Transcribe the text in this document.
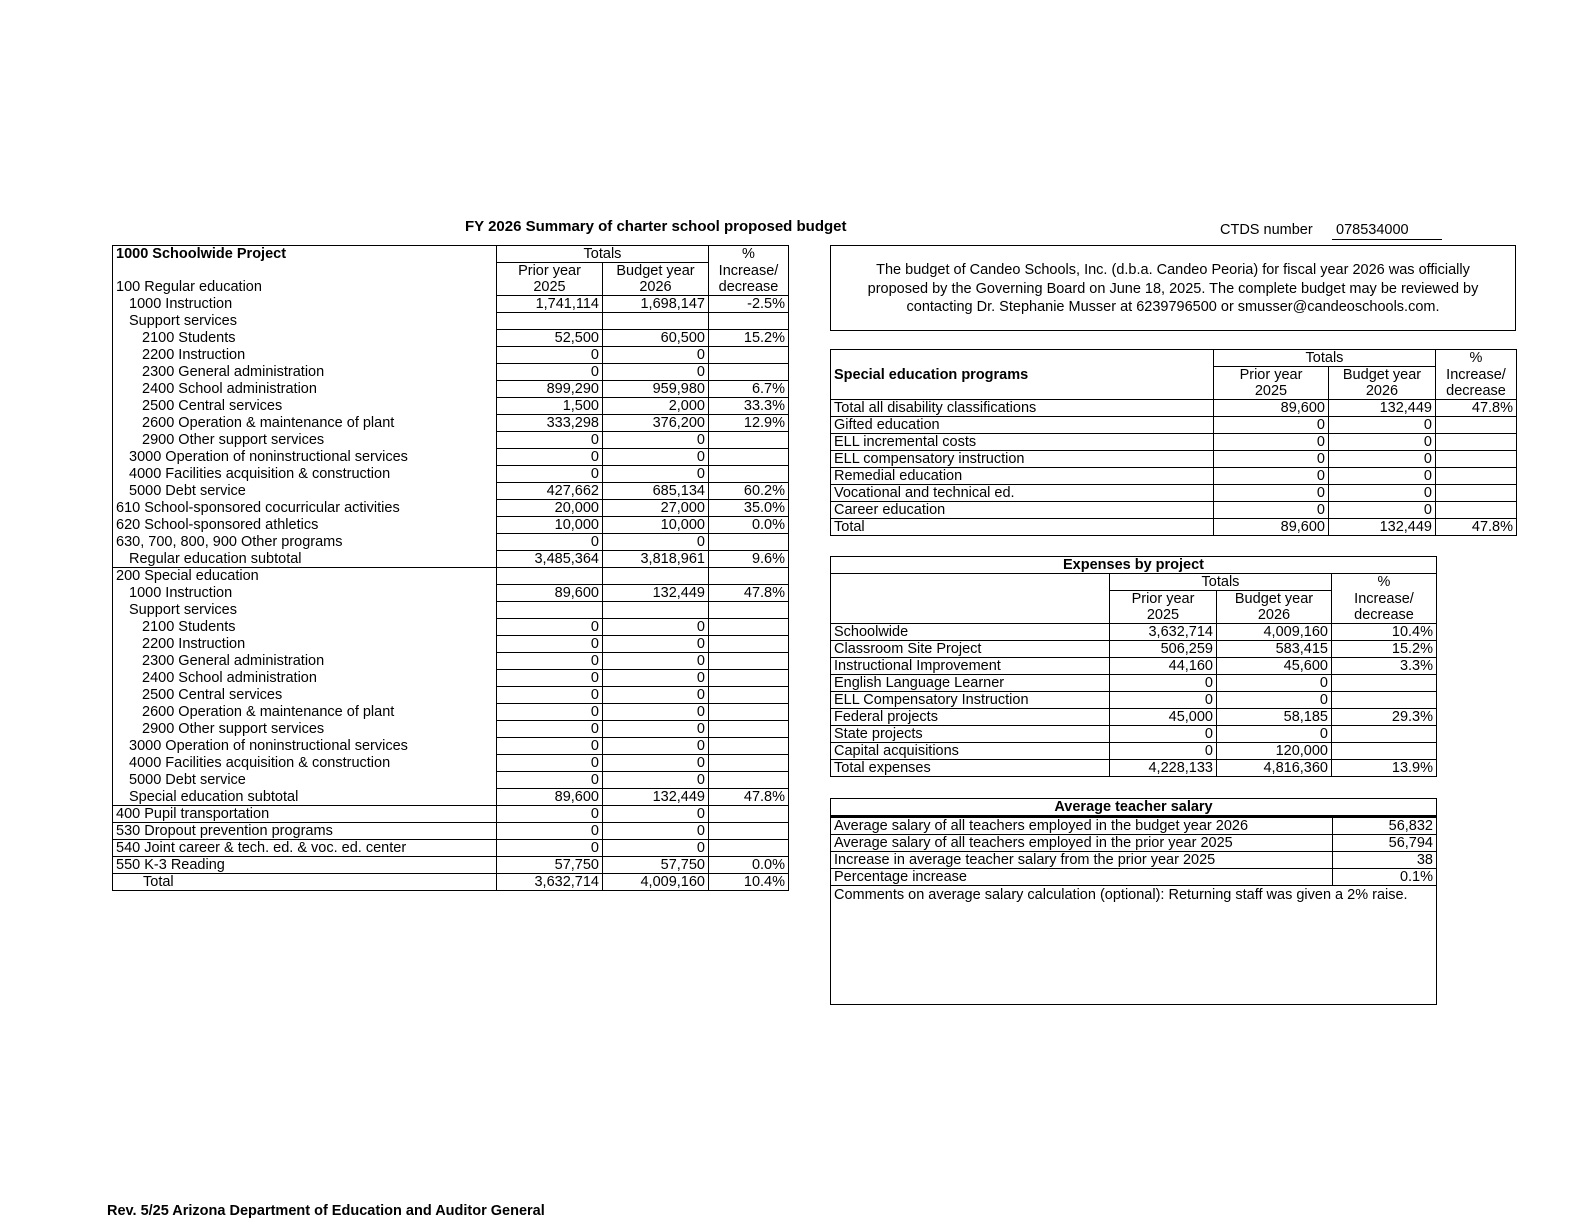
FY 2026 Summary of charter school proposed budget	CTDS number 078534000
1000 Schoolwide Project	Totals		%
	Prior year	Budget year	Increase/
100 Regular education	2025	2026	decrease
1000 Instruction	1,741,114	1,698,147	-2.5%
Support services			
2100 Students	52,500	60,500	15.2%
2200 Instruction	0	0	
2300 General administration	0	0	
2400 School administration	899,290	959,980	6.7%
2500 Central services	1,500	2,000	33.3%
2600 Operation & maintenance of plant	333,298	376,200	12.9%
2900 Other support services	0	0	
3000 Operation of noninstructional services	0	0	
4000 Facilities acquisition & construction	0	0	
5000 Debt service	427,662	685,134	60.2%
610 School-sponsored cocurricular activities	20,000	27,000	35.0%
620 School-sponsored athletics	10,000	10,000	0.0%
630, 700, 800, 900 Other programs	0	0	
Regular education subtotal	3,485,364	3,818,961	9.6%
200 Special education			
1000 Instruction	89,600	132,449	47.8%
Support services			
2100 Students	0	0	
2200 Instruction	0	0	
2300 General administration	0	0	
2400 School administration	0	0	
2500 Central services	0	0	
2600 Operation & maintenance of plant	0	0	
2900 Other support services	0	0	
3000 Operation of noninstructional services	0	0	
4000 Facilities acquisition & construction	0	0	
5000 Debt service	0	0	
Special education subtotal	89,600	132,449	47.8%
400 Pupil transportation	0	0	
530 Dropout prevention programs	0	0	
540 Joint career & tech. ed. & voc. ed. center	0	0	
550 K-3 Reading	57,750	57,750	0.0%
Total	3,632,714	4,009,160	10.4%
The budget of Candeo Schools, Inc. (d.b.a. Candeo Peoria) for fiscal year 2026 was officially
proposed by the Governing Board on June 18, 2025. The complete budget may be reviewed by
contacting Dr. Stephanie Musser at 6239796500 or smusser@candeoschools.com.
Special education programs	Totals		%
	Prior year	Budget year	Increase/
	2025	2026	decrease
Total all disability classifications	89,600	132,449	47.8%
Gifted education	0	0	
ELL incremental costs	0	0	
ELL compensatory instruction	0	0	
Remedial education	0	0	
Vocational and technical ed.	0	0	
Career education	0	0	
Total	89,600	132,449	47.8%
Expenses by project			
	Totals		%
	Prior year	Budget year	Increase/
	2025	2026	decrease
Schoolwide	3,632,714	4,009,160	10.4%
Classroom Site Project	506,259	583,415	15.2%
Instructional Improvement	44,160	45,600	3.3%
English Language Learner	0	0	
ELL Compensatory Instruction	0	0	
Federal projects	45,000	58,185	29.3%
State projects	0	0	
Capital acquisitions	0	120,000	
Total expenses	4,228,133	4,816,360	13.9%
Average teacher salary	
Average salary of all teachers employed in the budget year 2026	56,832
Average salary of all teachers employed in the prior year 2025	56,794
Increase in average teacher salary from the prior year 2025	38
Percentage increase	0.1%
Comments on average salary calculation (optional): Returning staff was given a 2% raise.	
Rev. 5/25 Arizona Department of Education and Auditor General
